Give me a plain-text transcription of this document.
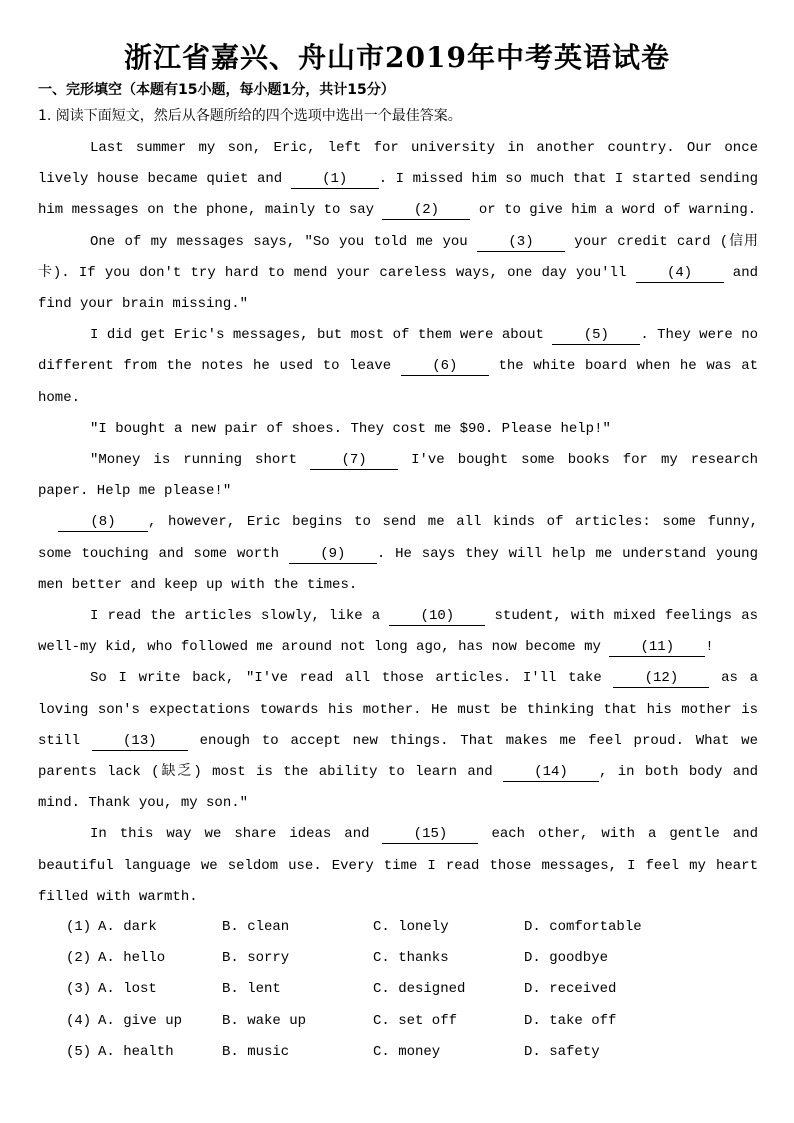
浙江省嘉兴、舟山市2019年中考英语试卷
一、完形填空（本题有15小题，每小题1分，共计15分）
1. 阅读下面短文，然后从各题所给的四个选项中选出一个最佳答案。

Last summer my son, Eric, left for university in another country. Our once lively house became quiet and (1) . I missed him so much that I started sending him messages on the phone, mainly to say (2) or to give him a word of warning.

One of my messages says, "So you told me you (3) your credit card (信用卡). If you don't try hard to mend your careless ways, one day you'll (4) and find your brain missing."

I did get Eric's messages, but most of them were about (5) . They were no different from the notes he used to leave (6) the white board when he was at home.

"I bought a new pair of shoes. They cost me $90. Please help!"

"Money is running short (7) I've bought some books for my research paper. Help me please!"

(8) , however, Eric begins to send me all kinds of articles: some funny, some touching and some worth (9) . He says they will help me understand young men better and keep up with the times.

I read the articles slowly, like a (10) student, with mixed feelings as well-my kid, who followed me around not long ago, has now become my (11) !

So I write back, "I've read all those articles. I'll take (12) as a loving son's expectations towards his mother. He must be thinking that his mother is still (13) enough to accept new things. That makes me feel proud. What we parents lack (缺乏) most is the ability to learn and (14) , in both body and mind. Thank you, my son."

In this way we share ideas and (15) each other, with a gentle and beautiful language we seldom use. Every time I read those messages, I feel my heart filled with warmth.

(1) A. dark	B. clean	C. lonely	D. comfortable
(2) A. hello	B. sorry	C. thanks	D. goodbye
(3) A. lost	B. lent	C. designed	D. received
(4) A. give up	B. wake up	C. set off	D. take off
(5) A. health	B. music	C. money	D. safety
